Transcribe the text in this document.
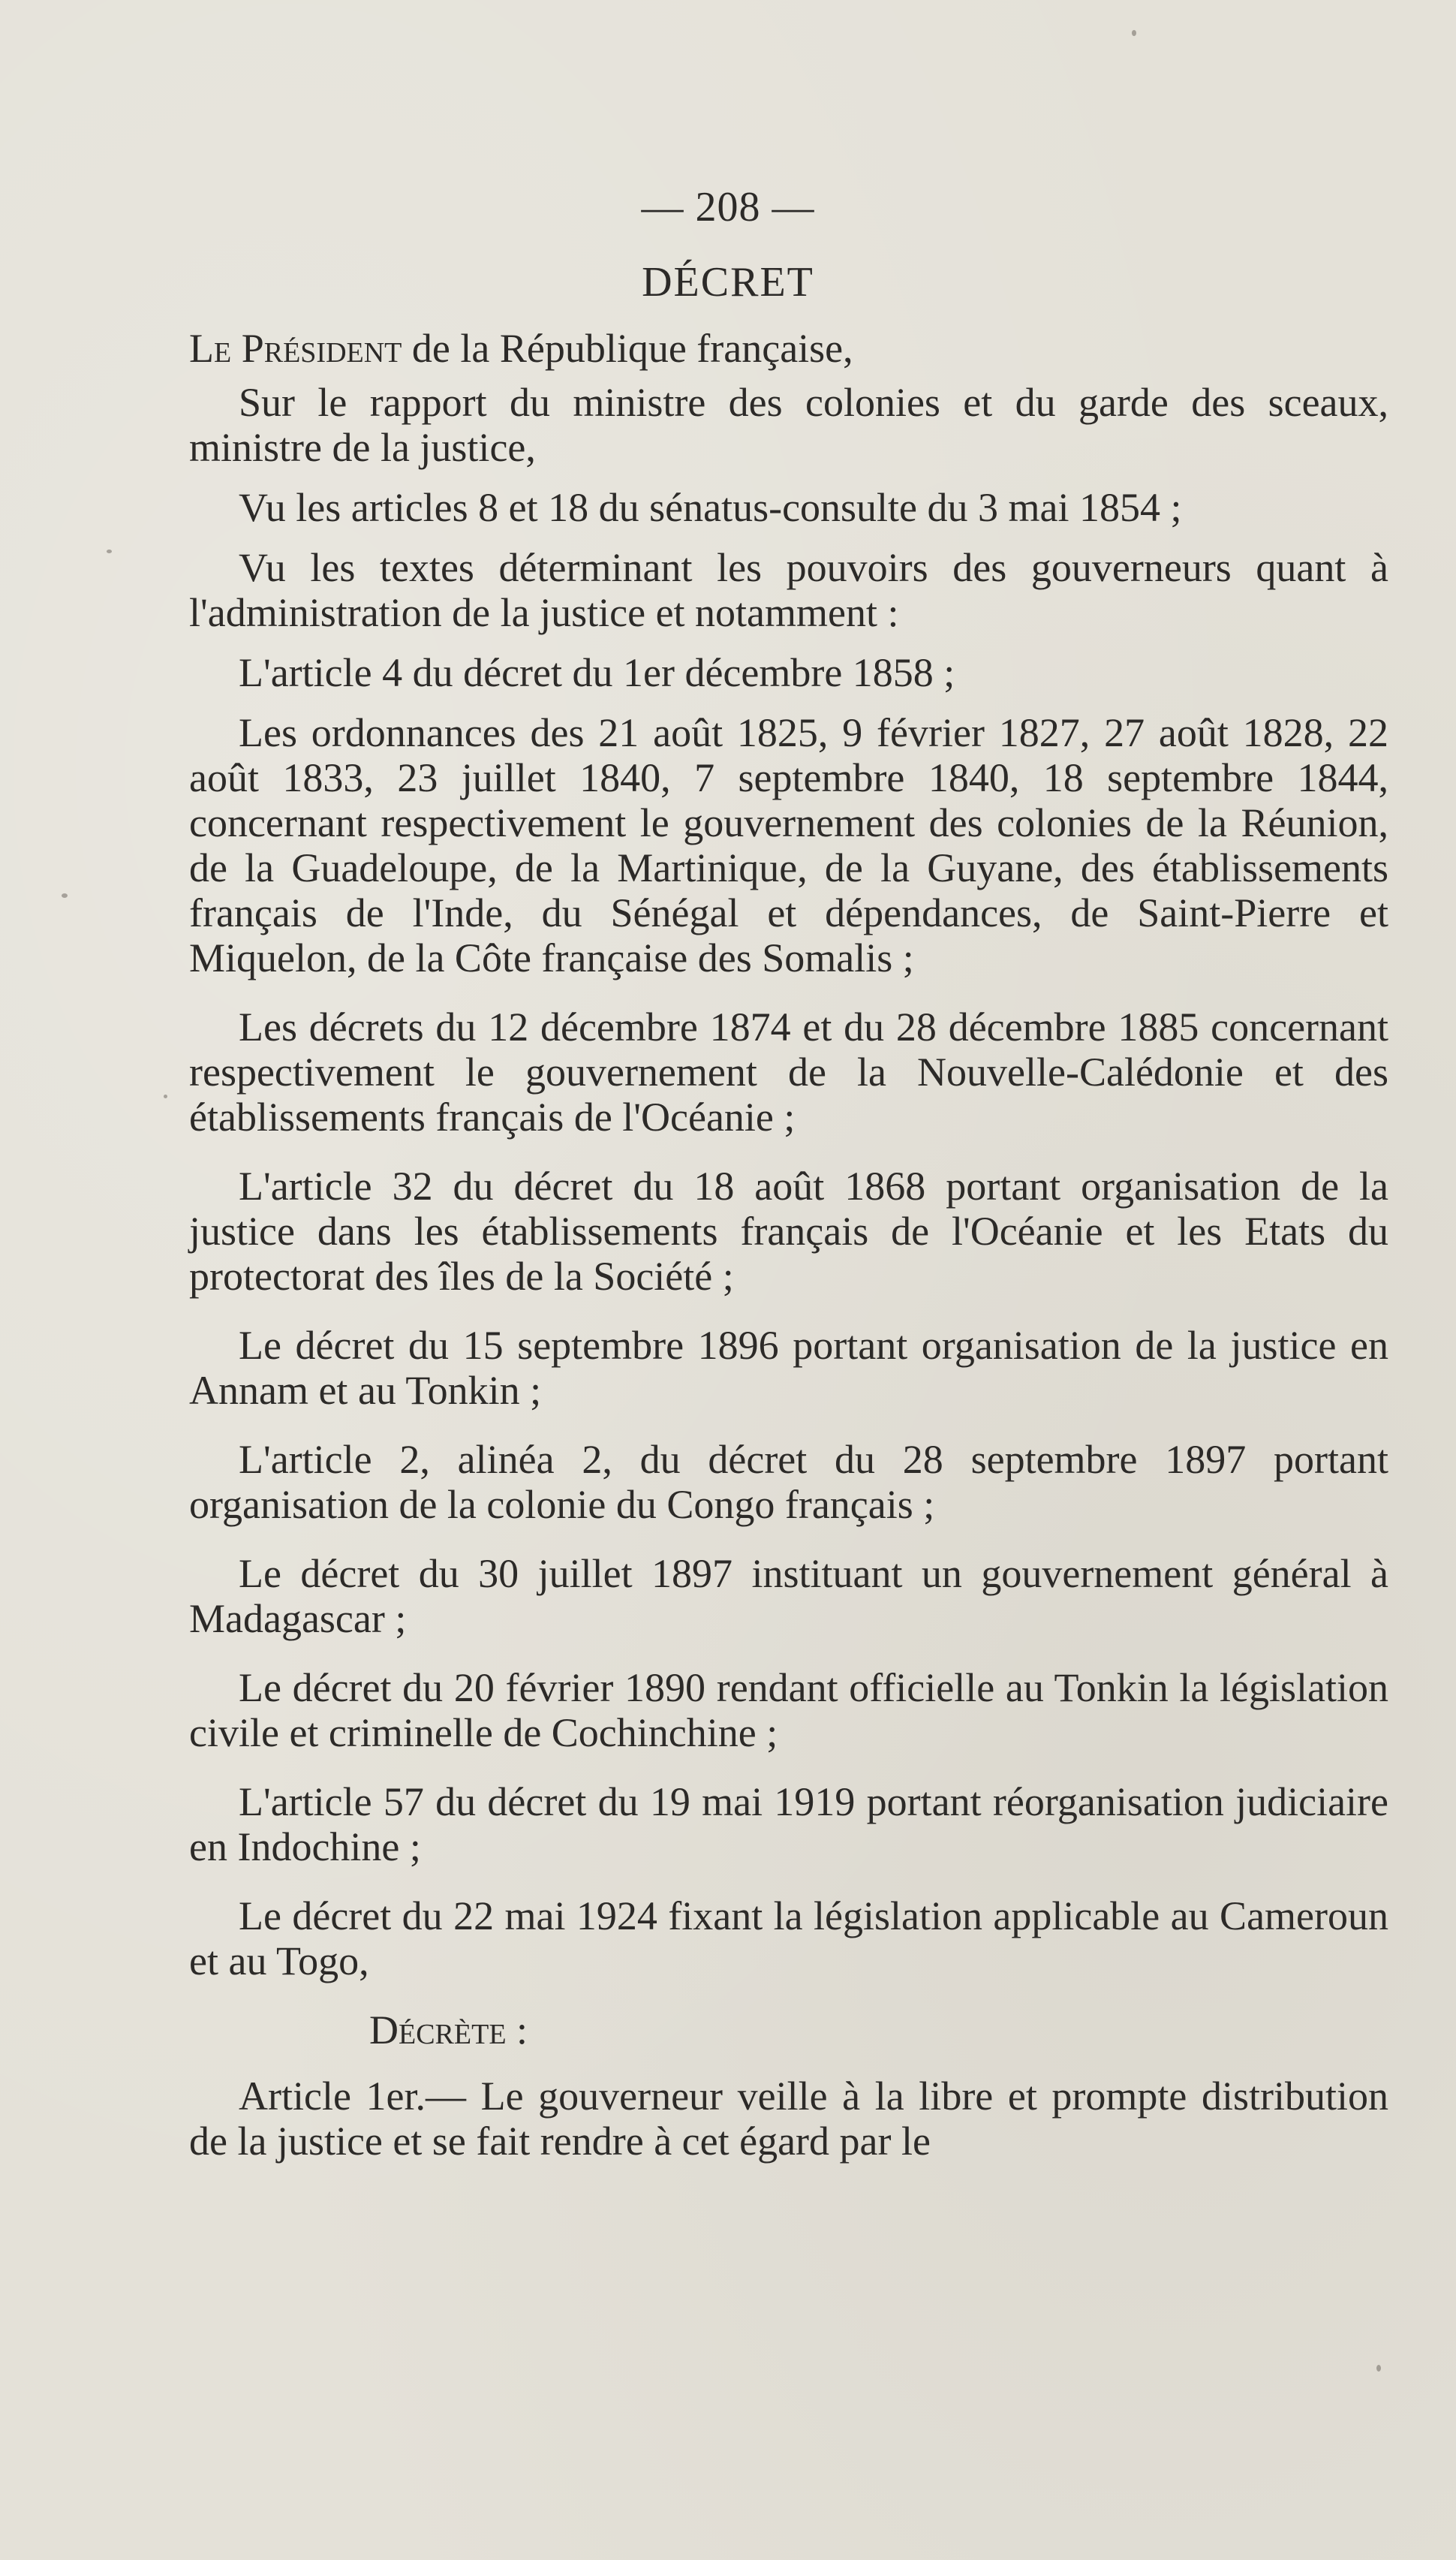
— 208 —
DÉCRET

Le Président de la République française,

Sur le rapport du ministre des colonies et du garde des sceaux, ministre de la justice,

Vu les articles 8 et 18 du sénatus-consulte du 3 mai 1854 ;

Vu les textes déterminant les pouvoirs des gouverneurs quant à l'administration de la justice et notamment :

L'article 4 du décret du 1er décembre 1858 ;

Les ordonnances des 21 août 1825, 9 février 1827, 27 août 1828, 22 août 1833, 23 juillet 1840, 7 septembre 1840, 18 septembre 1844, concernant respectivement le gouvernement des colonies de la Réunion, de la Guadeloupe, de la Martinique, de la Guyane, des établissements français de l'Inde, du Sénégal et dépendances, de Saint-Pierre et Miquelon, de la Côte française des Somalis ;

Les décrets du 12 décembre 1874 et du 28 décembre 1885 concernant respectivement le gouvernement de la Nouvelle-Calédonie et des établissements français de l'Océanie ;

L'article 32 du décret du 18 août 1868 portant organisation de la justice dans les établissements français de l'Océanie et les Etats du protectorat des îles de la Société ;

Le décret du 15 septembre 1896 portant organisation de la justice en Annam et au Tonkin ;

L'article 2, alinéa 2, du décret du 28 septembre 1897 portant organisation de la colonie du Congo français ;

Le décret du 30 juillet 1897 instituant un gouvernement général à Madagascar ;

Le décret du 20 février 1890 rendant officielle au Tonkin la législation civile et criminelle de Cochinchine ;

L'article 57 du décret du 19 mai 1919 portant réorganisation judiciaire en Indochine ;

Le décret du 22 mai 1924 fixant la législation applicable au Cameroun et au Togo,

Décrète :

Article 1er.— Le gouverneur veille à la libre et prompte distribution de la justice et se fait rendre à cet égard par le
